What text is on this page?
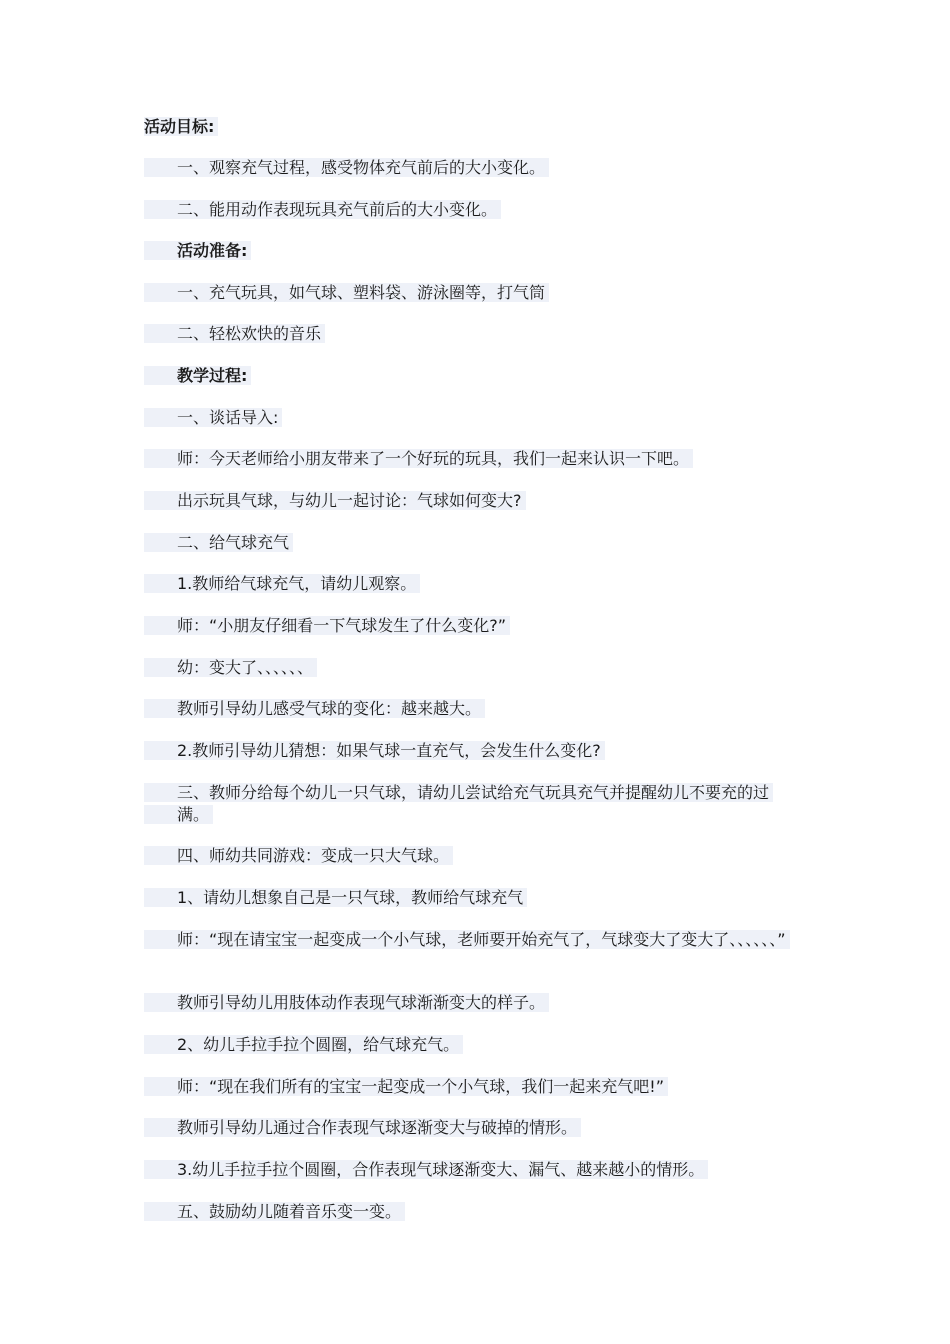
活动目标:

一、观察充气过程，感受物体充气前后的大小变化。

二、能用动作表现玩具充气前后的大小变化。

活动准备:

一、充气玩具，如气球、塑料袋、游泳圈等，打气筒

二、轻松欢快的音乐

教学过程:

一、谈话导入:

师：今天老师给小朋友带来了一个好玩的玩具，我们一起来认识一下吧。

出示玩具气球，与幼儿一起讨论：气球如何变大?

二、给气球充气

1.教师给气球充气，请幼儿观察。

师：“小朋友仔细看一下气球发生了什么变化?”

幼：变大了、、、、、、

教师引导幼儿感受气球的变化：越来越大。

2.教师引导幼儿猜想：如果气球一直充气，会发生什么变化?

三、教师分给每个幼儿一只气球，请幼儿尝试给充气玩具充气并提醒幼儿不要充的过满。

四、师幼共同游戏：变成一只大气球。

1、请幼儿想象自己是一只气球，教师给气球充气

师：“现在请宝宝一起变成一个小气球，老师要开始充气了，气球变大了变大了、、、、、、”

教师引导幼儿用肢体动作表现气球渐渐变大的样子。

2、幼儿手拉手拉个圆圈，给气球充气。

师：“现在我们所有的宝宝一起变成一个小气球，我们一起来充气吧!”

教师引导幼儿通过合作表现气球逐渐变大与破掉的情形。

3.幼儿手拉手拉个圆圈，合作表现气球逐渐变大、漏气、越来越小的情形。

五、鼓励幼儿随着音乐变一变。
